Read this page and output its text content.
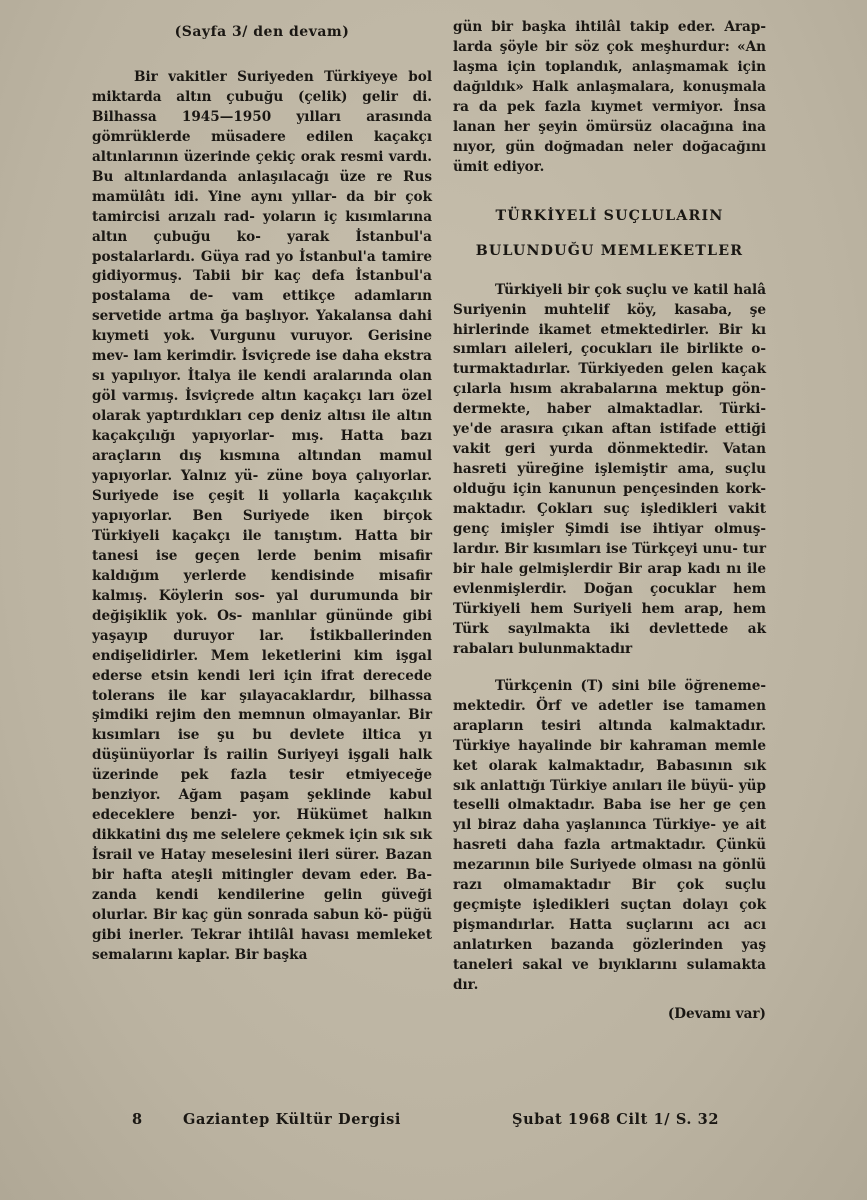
(Sayfa 3/ den devam)

Bir vakitler Suriyeden Türkiyeye bol miktarda altın çubuğu (çelik) gelir di. Bilhassa 1945—1950 yılları arasında gömrüklerde müsadere edilen kaçakçı altınlarının üzerinde çekiç orak resmi vardı. Bu altınlardanda anlaşılacağı üze re Rus mamülâtı idi. Yine aynı yıllar- da bir çok tamircisi arızalı rad- yoların iç kısımlarına altın çubuğu ko- yarak İstanbul'a postalarlardı. Güya rad yo İstanbul'a tamire gidiyormuş. Tabii bir kaç defa İstanbul'a postalama de- vam ettikçe adamların servetide artma ğa başlıyor. Yakalansa dahi kıymeti yok. Vurgunu vuruyor. Gerisine mev- lam kerimdir. İsviçrede ise daha ekstra sı yapılıyor. İtalya ile kendi aralarında olan göl varmış. İsviçrede altın kaçakçı ları özel olarak yaptırdıkları cep deniz altısı ile altın kaçakçılığı yapıyorlar- mış. Hatta bazı araçların dış kısmına altından mamul yapıyorlar. Yalnız yü- züne boya çalıyorlar. Suriyede ise çeşit li yollarla kaçakçılık yapıyorlar. Ben Suriyede iken birçok Türkiyeli kaçakçı ile tanıştım. Hatta bir tanesi ise geçen lerde benim misafir kaldığım yerlerde kendisinde misafir kalmış. Köylerin sos- yal durumunda bir değişiklik yok. Os- manlılar gününde gibi yaşayıp duruyor lar. İstikballerinden endişelidirler. Mem leketlerini kim işgal ederse etsin kendi leri için ifrat derecede tolerans ile kar şılayacaklardır, bilhassa şimdiki rejim den memnun olmayanlar. Bir kısımları ise şu bu devlete iltica yı düşünüyorlar İs railin Suriyeyi işgali halk üzerinde pek fazla tesir etmiyeceğe benziyor. Ağam paşam şeklinde kabul edeceklere benzi- yor. Hükümet halkın dikkatini dış me selelere çekmek için sık sık İsrail ve Hatay meselesini ileri sürer. Bazan bir hafta ateşli mitingler devam eder. Ba- zanda kendi kendilerine gelin güveği olurlar. Bir kaç gün sonrada sabun kö- püğü gibi inerler. Tekrar ihtilâl havası memleket semalarını kaplar. Bir başka

gün bir başka ihtilâl takip eder. Arap- larda şöyle bir söz çok meşhurdur: «An laşma için toplandık, anlaşmamak için dağıldık» Halk anlaşmalara, konuşmala ra da pek fazla kıymet vermiyor. İnsa lanan her şeyin ömürsüz olacağına ina nıyor, gün doğmadan neler doğacağını ümit ediyor.

TÜRKİYELİ SUÇLULARIN
BULUNDUĞU MEMLEKETLER

Türkiyeli bir çok suçlu ve katil halâ Suriyenin muhtelif köy, kasaba, şe hirlerinde ikamet etmektedirler. Bir kı sımları aileleri, çocukları ile birlikte o- turmaktadırlar. Türkiyeden gelen kaçak çılarla hısım akrabalarına mektup gön- dermekte, haber almaktadlar. Türki- ye'de arasıra çıkan aftan istifade ettiği vakit geri yurda dönmektedir. Vatan hasreti yüreğine işlemiştir ama, suçlu olduğu için kanunun pençesinden kork- maktadır. Çokları suç işledikleri vakit genç imişler Şimdi ise ihtiyar olmuş- lardır. Bir kısımları ise Türkçeyi unu- tur bir hale gelmişlerdir Bir arap kadı nı ile evlenmişlerdir. Doğan çocuklar hem Türkiyeli hem Suriyeli hem arap, hem Türk sayılmakta iki devlettede ak rabaları bulunmaktadır

Türkçenin (T) sini bile öğreneme- mektedir. Örf ve adetler ise tamamen arapların tesiri altında kalmaktadır. Türkiye hayalinde bir kahraman memle ket olarak kalmaktadır, Babasının sık sık anlattığı Türkiye anıları ile büyü- yüp teselli olmaktadır. Baba ise her ge çen yıl biraz daha yaşlanınca Türkiye- ye ait hasreti daha fazla artmaktadır. Çünkü mezarının bile Suriyede olması na gönlü razı olmamaktadır Bir çok suçlu geçmişte işledikleri suçtan dolayı çok pişmandırlar. Hatta suçlarını acı acı anlatırken bazanda gözlerinden yaş taneleri sakal ve bıyıklarını sulamakta dır.

(Devamı var)
8	Gaziantep Kültür Dergisi	Şubat 1968 Cilt 1/ S. 32
